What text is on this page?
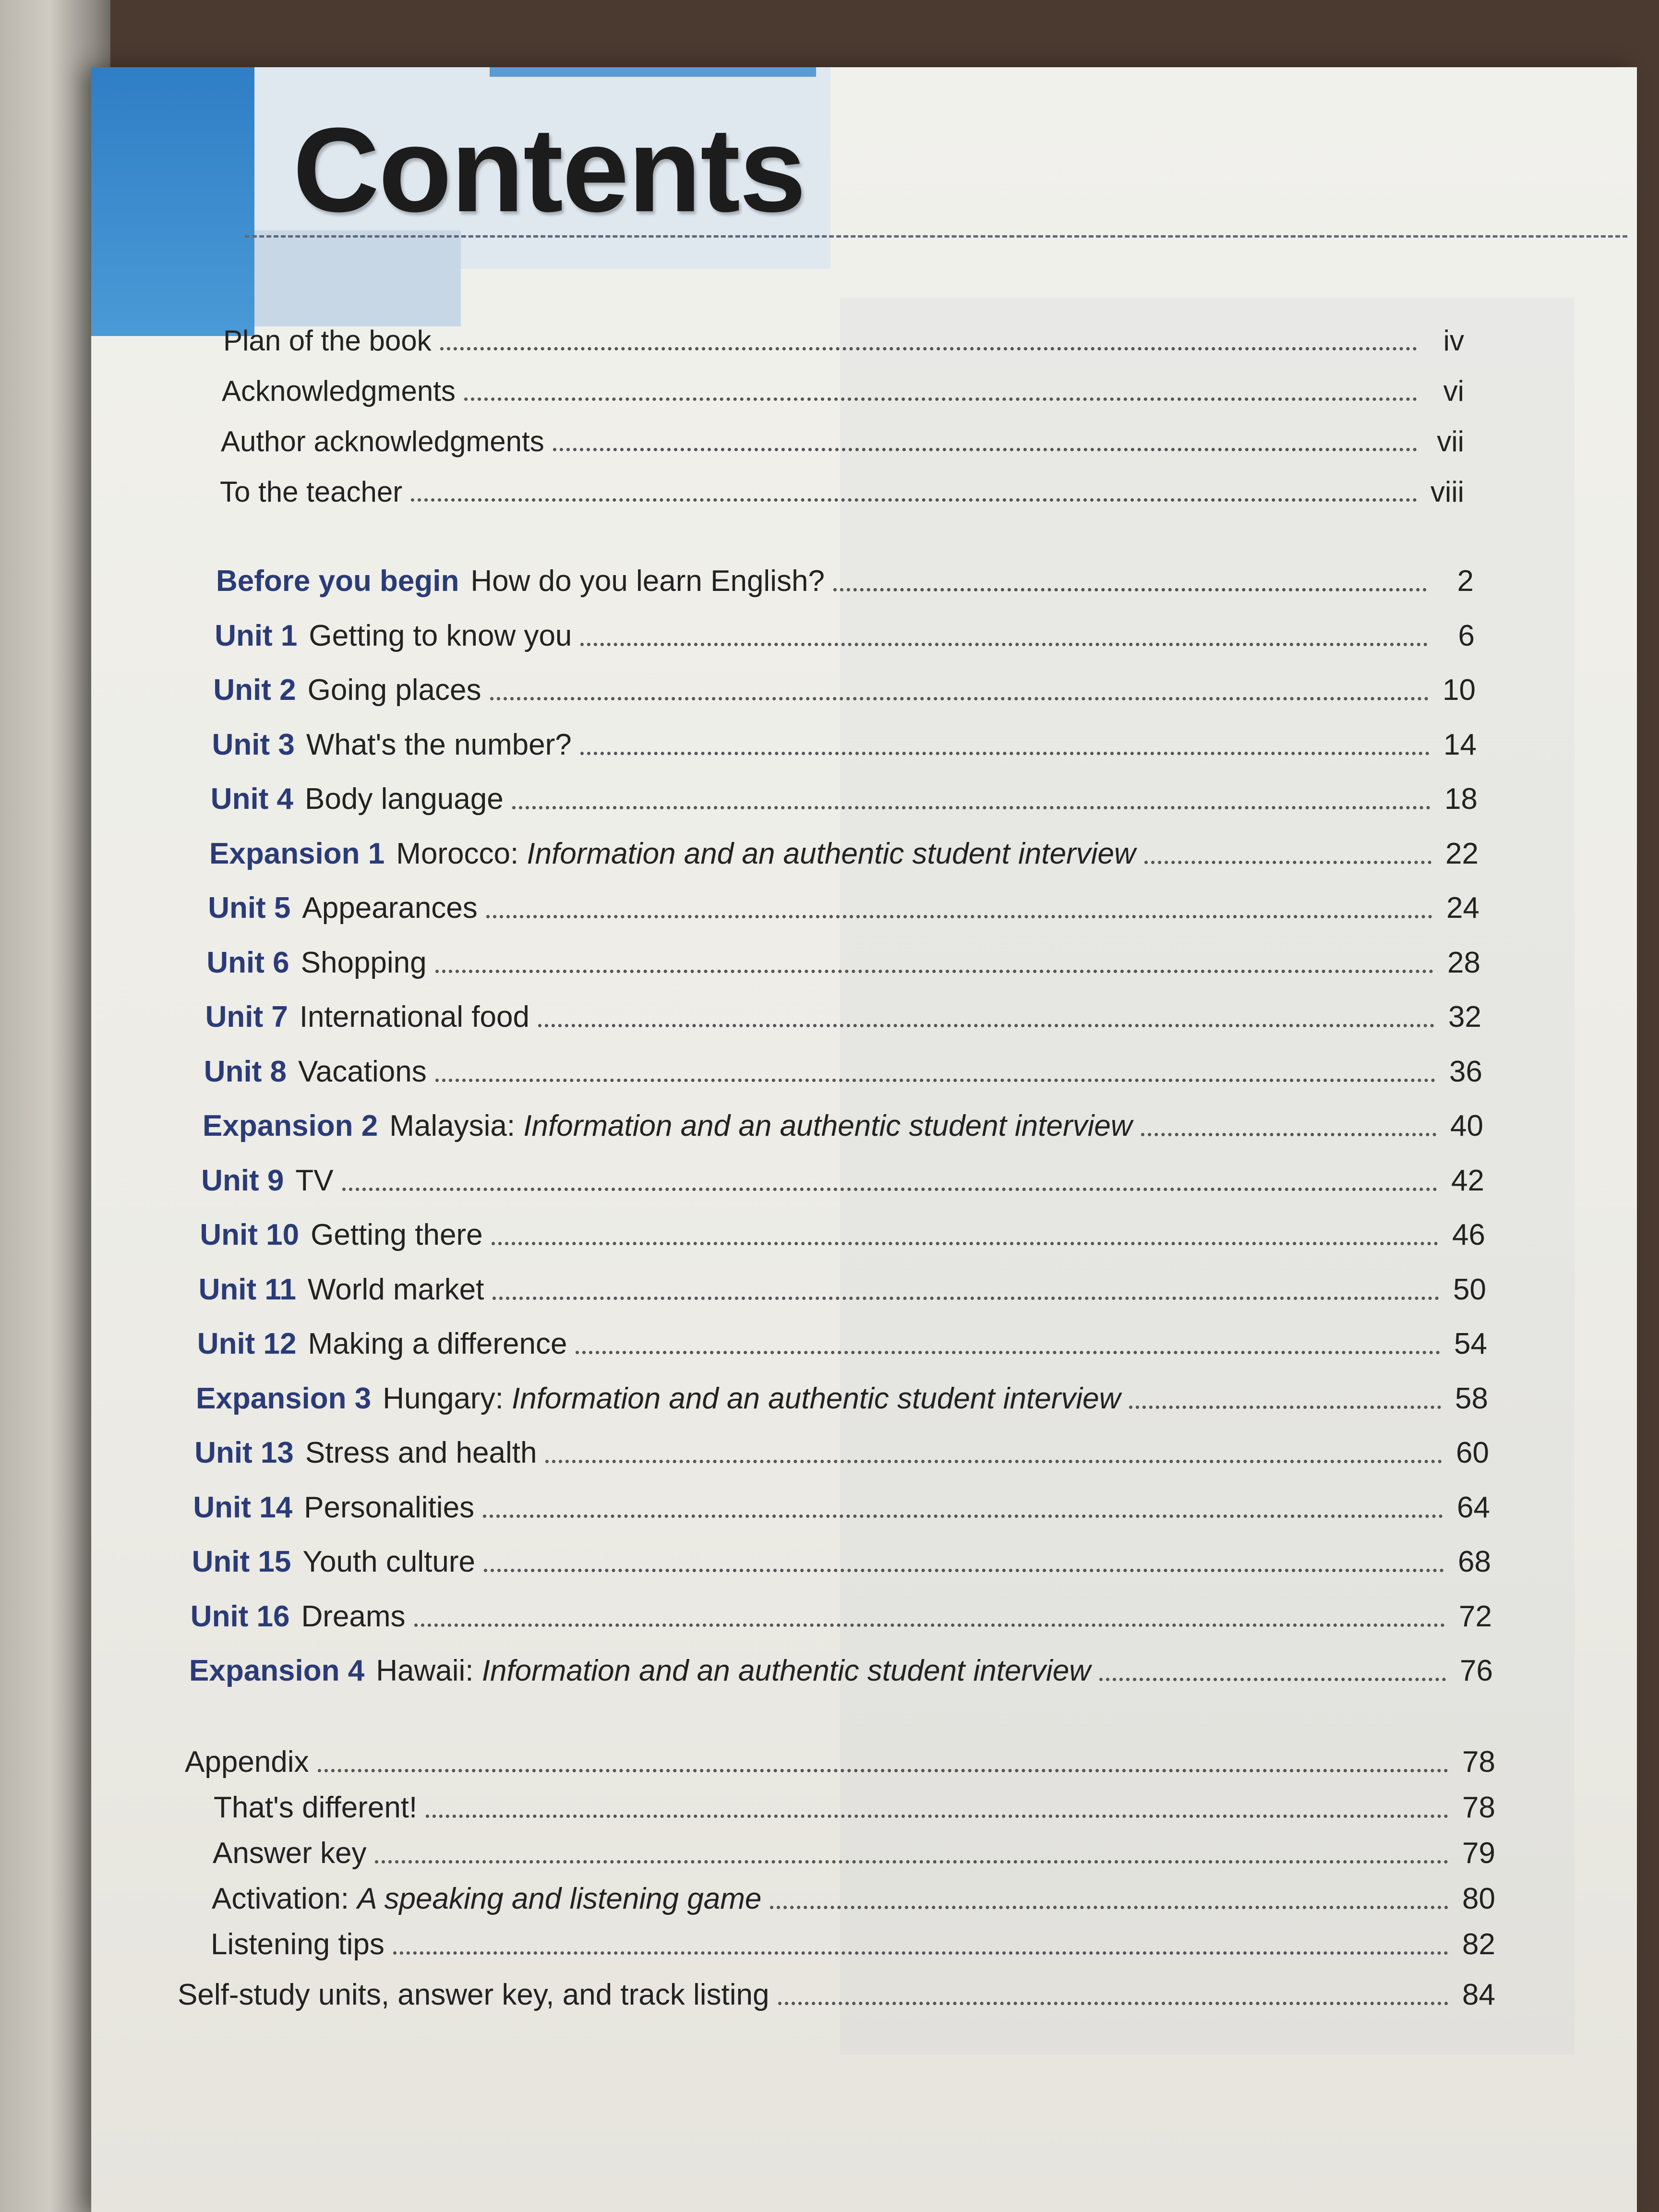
Contents
Plan of the book	iv
Acknowledgments	vi
Author acknowledgments	vii
To the teacher	viii
Before you begin How do you learn English?	2
Unit 1 Getting to know you	6
Unit 2 Going places	10
Unit 3 What's the number?	14
Unit 4 Body language	18
Expansion 1 Morocco: Information and an authentic student interview	22
Unit 5 Appearances	24
Unit 6 Shopping	28
Unit 7 International food	32
Unit 8 Vacations	36
Expansion 2 Malaysia: Information and an authentic student interview	40
Unit 9 TV	42
Unit 10 Getting there	46
Unit 11 World market	50
Unit 12 Making a difference	54
Expansion 3 Hungary: Information and an authentic student interview	58
Unit 13 Stress and health	60
Unit 14 Personalities	64
Unit 15 Youth culture	68
Unit 16 Dreams	72
Expansion 4 Hawaii: Information and an authentic student interview	76
Appendix	78
That's different!	78
Answer key	79
Activation: A speaking and listening game	80
Listening tips	82
Self-study units, answer key, and track listing	84
